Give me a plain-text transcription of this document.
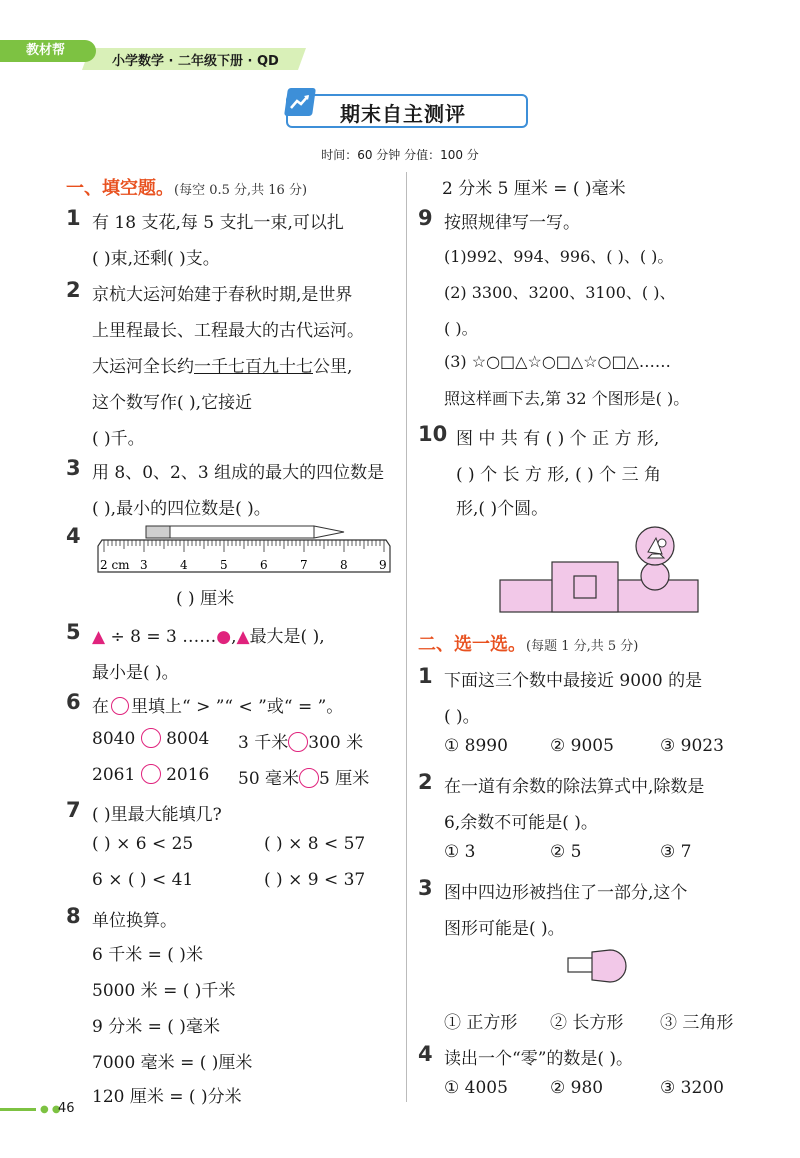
教材帮
小学数学 · 二年级下册 · QD
期末自主测评
时间：60 分钟 分值：100 分
一、填空题。(每空 0.5 分,共 16 分)
1 有 18 支花,每 5 支扎一束,可以扎
( )束,还剩( )支。
2 京杭大运河始建于春秋时期,是世界
上里程最长、工程最大的古代运河。
大运河全长约一千七百九十七公里,
这个数写作( ),它接近
( )千。
3 用 8、0、2、3 组成的最大的四位数是
( ),最小的四位数是( )。
4
2 cm 3	4	5	6	7	8	9
( ) 厘米
5 ▲ ÷ 8 = 3 ……●,▲最大是( ),
最小是( )。
6 在 里填上“ > ”“ < ”或“ = ”。
8040 8004 3 千米 300 米
2061 2016 50 毫米 5 厘米
7 ( )里最大能填几?
( ) × 6 < 25	( ) × 8 < 57
6 × ( ) < 41	( ) × 9 < 37
8 单位换算。
6 千米 = ( )米
5000 米 = ( )千米
9 分米 = ( )毫米
7000 毫米 = ( )厘米
120 厘米 = ( )分米
2 分米 5 厘米 = ( )毫米
9 按照规律写一写。
(1)992、994、996、( )、( )。
(2) 3300、3200、3100、( )、
( )。
(3) ☆○□△☆○□△☆○□△……
照这样画下去,第 32 个图形是( )。
10 图 中 共 有 ( ) 个 正 方 形,
( ) 个 长 方 形, ( ) 个 三 角
形,( )个圆。
二、选一选。(每题 1 分,共 5 分)
1 下面这三个数中最接近 9000 的是
( )。
① 8990 ② 9005	③ 9023
2 在一道有余数的除法算式中,除数是
6,余数不可能是( )。
① 3	② 5	③ 7
3 图中四边形被挡住了一部分,这个
图形可能是( )。
① 正方形 ② 长方形 ③ 三角形
4 读出一个“零”的数是( )。
① 4005 ② 980	③ 3200
● ●
46
